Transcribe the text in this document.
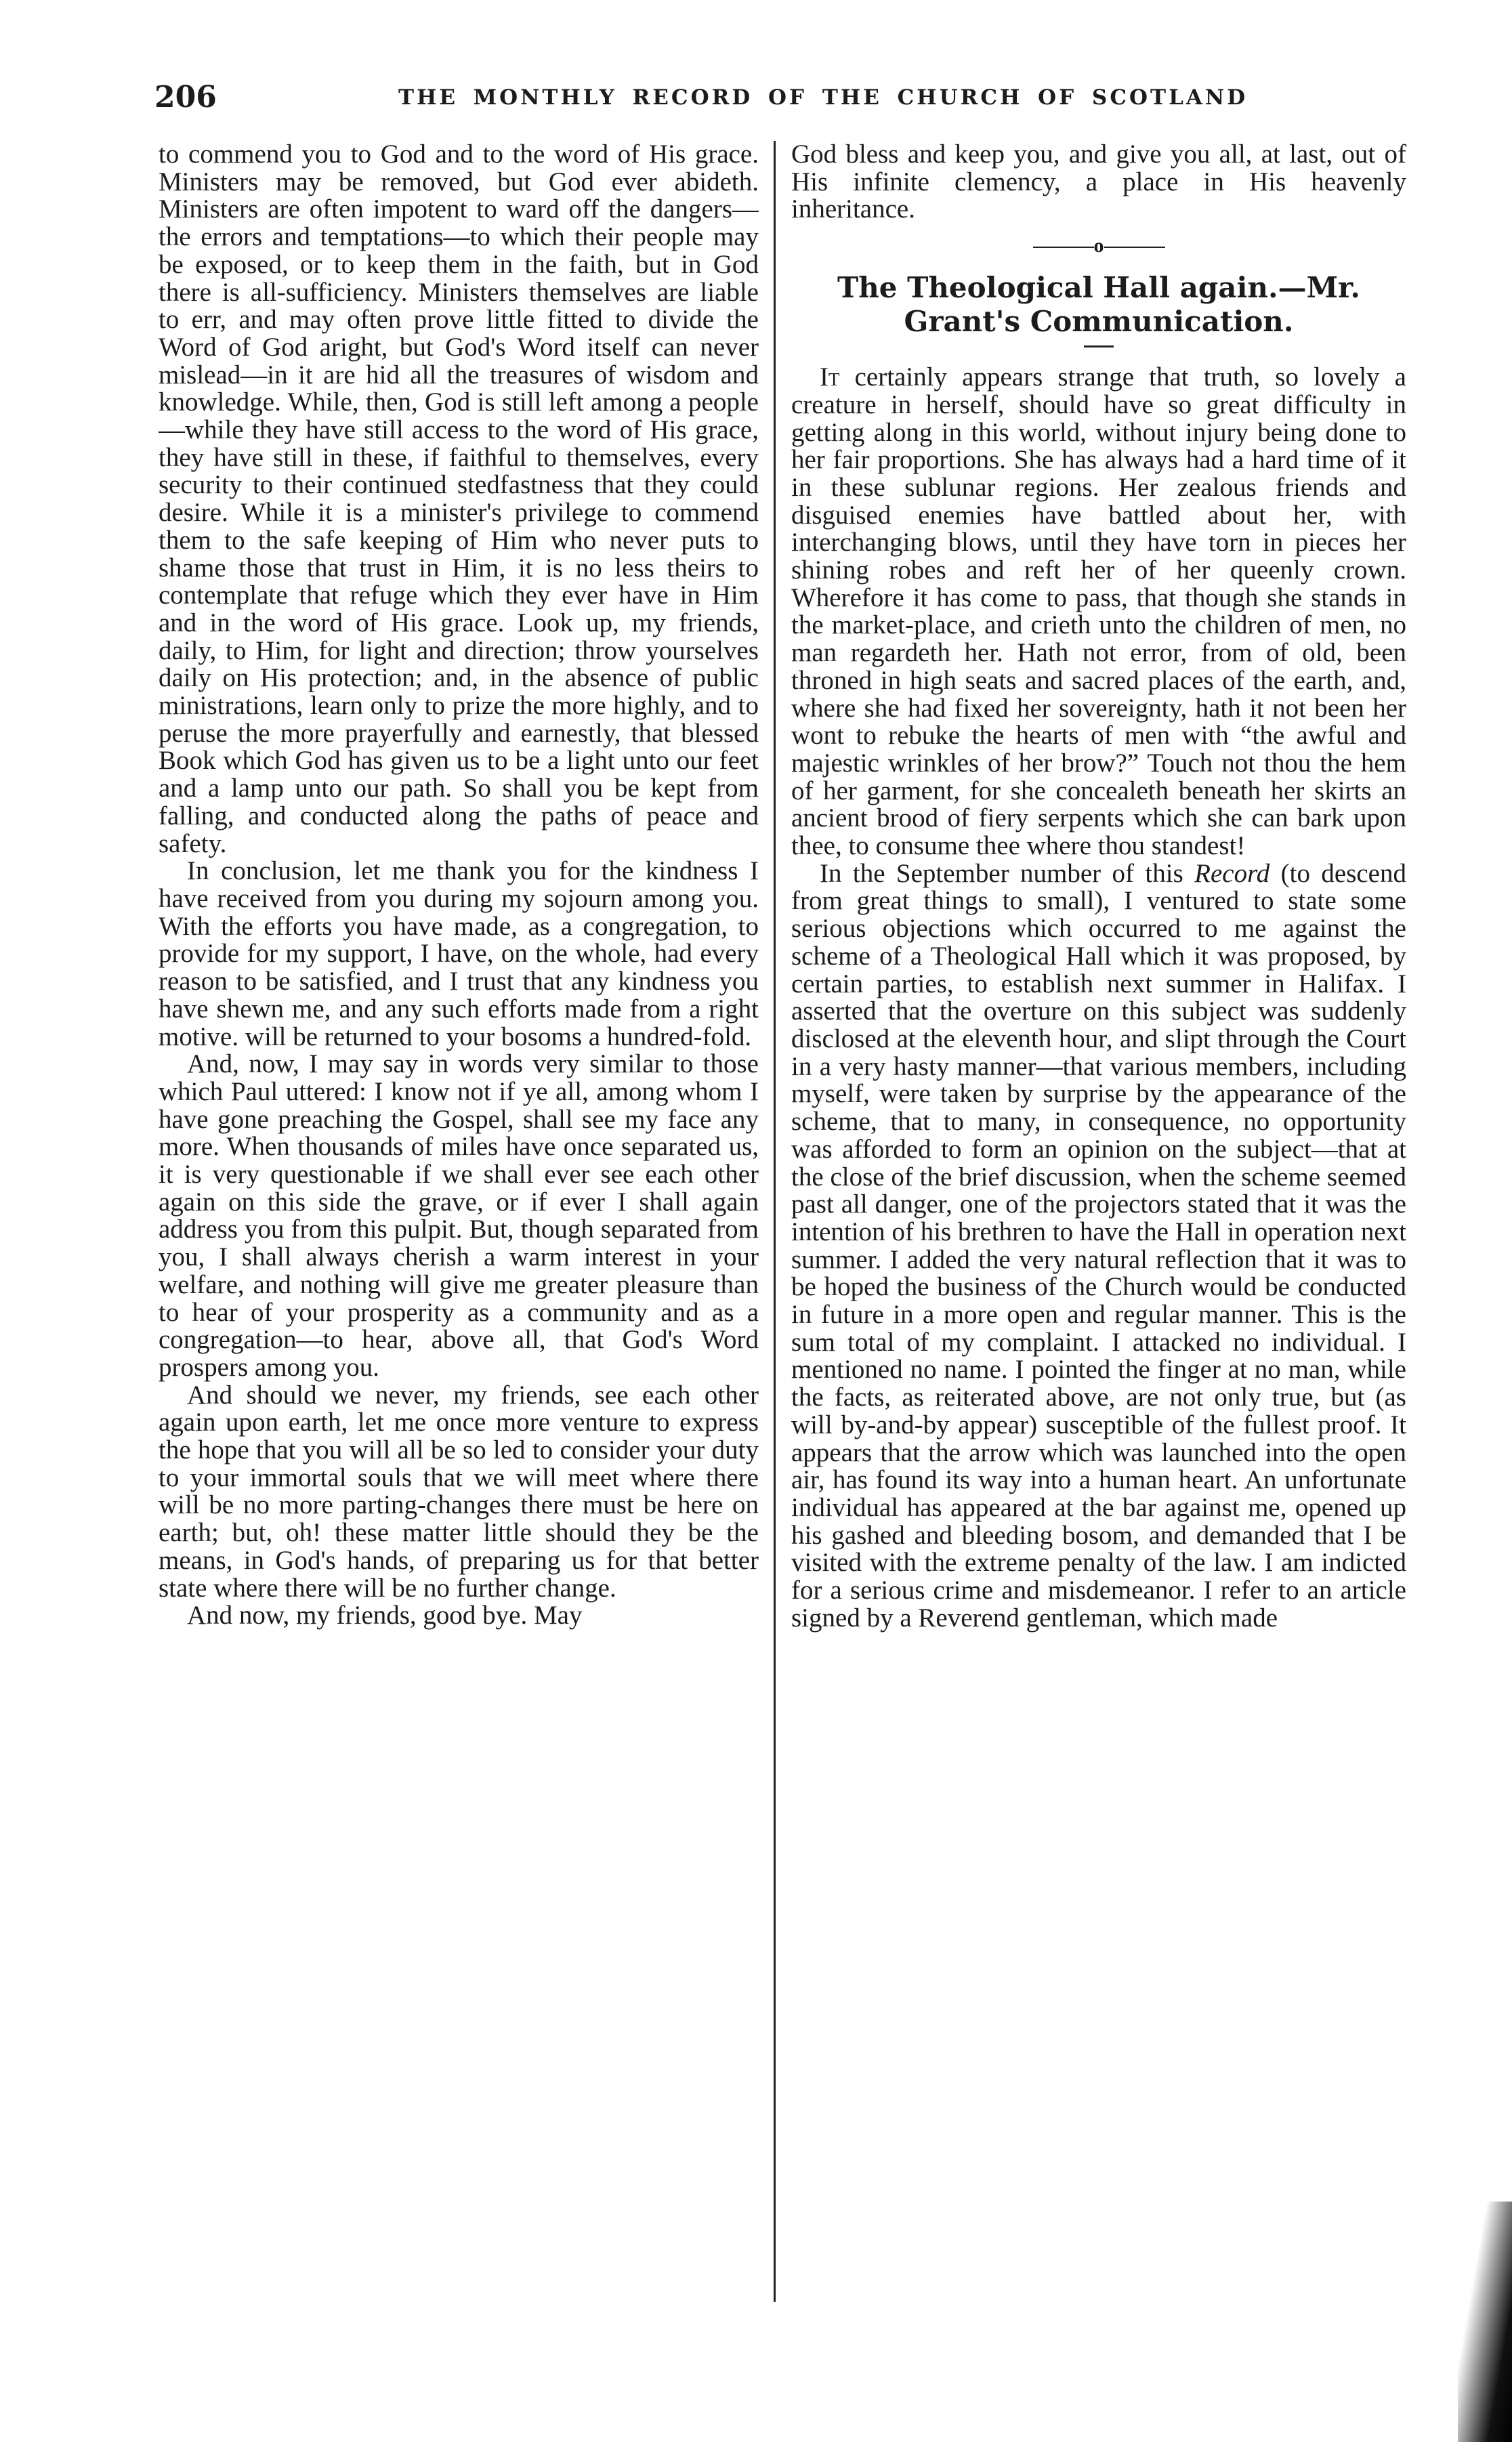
206	THE MONTHLY RECORD OF THE CHURCH OF SCOTLAND

to commend you to God and to the word of His grace. Ministers may be removed, but God ever abideth. Ministers are often impotent to ward off the dangers—the errors and temptations—to which their people may be exposed, or to keep them in the faith, but in God there is all-sufficiency. Ministers themselves are liable to err, and may often prove little fitted to divide the Word of God aright, but God's Word itself can never mislead—in it are hid all the treasures of wisdom and knowledge. While, then, God is still left among a people—while they have still access to the word of His grace, they have still in these, if faithful to themselves, every security to their continued stedfastness that they could desire. While it is a minister's privilege to commend them to the safe keeping of Him who never puts to shame those that trust in Him, it is no less theirs to contemplate that refuge which they ever have in Him and in the word of His grace. Look up, my friends, daily, to Him, for light and direction; throw yourselves daily on His protection; and, in the absence of public ministrations, learn only to prize the more highly, and to peruse the more prayerfully and earnestly, that blessed Book which God has given us to be a light unto our feet and a lamp unto our path. So shall you be kept from falling, and conducted along the paths of peace and safety.

In conclusion, let me thank you for the kindness I have received from you during my sojourn among you. With the efforts you have made, as a congregation, to provide for my support, I have, on the whole, had every reason to be satisfied, and I trust that any kindness you have shewn me, and any such efforts made from a right motive. will be returned to your bosoms a hundred-fold.

And, now, I may say in words very similar to those which Paul uttered: I know not if ye all, among whom I have gone preaching the Gospel, shall see my face any more. When thousands of miles have once separated us, it is very questionable if we shall ever see each other again on this side the grave, or if ever I shall again address you from this pulpit. But, though separated from you, I shall always cherish a warm interest in your welfare, and nothing will give me greater pleasure than to hear of your prosperity as a community and as a congregation—to hear, above all, that God's Word prospers among you.

And should we never, my friends, see each other again upon earth, let me once more venture to express the hope that you will all be so led to consider your duty to your immortal souls that we will meet where there will be no more parting-changes there must be here on earth; but, oh! these matter little should they be the means, in God's hands, of preparing us for that better state where there will be no further change.

And now, my friends, good bye. May

God bless and keep you, and give you all, at last, out of His infinite clemency, a place in His heavenly inheritance.

o
The Theological Hall again.—Mr. Grant's Communication.

It certainly appears strange that truth, so lovely a creature in herself, should have so great difficulty in getting along in this world, without injury being done to her fair proportions. She has always had a hard time of it in these sublunar regions. Her zealous friends and disguised enemies have battled about her, with interchanging blows, until they have torn in pieces her shining robes and reft her of her queenly crown. Wherefore it has come to pass, that though she stands in the market-place, and crieth unto the children of men, no man regardeth her. Hath not error, from of old, been throned in high seats and sacred places of the earth, and, where she had fixed her sovereignty, hath it not been her wont to rebuke the hearts of men with “the awful and majestic wrinkles of her brow?” Touch not thou the hem of her garment, for she concealeth beneath her skirts an ancient brood of fiery serpents which she can bark upon thee, to consume thee where thou standest!

In the September number of this Record (to descend from great things to small), I ventured to state some serious objections which occurred to me against the scheme of a Theological Hall which it was proposed, by certain parties, to establish next summer in Halifax. I asserted that the overture on this subject was suddenly disclosed at the eleventh hour, and slipt through the Court in a very hasty manner—that various members, including myself, were taken by surprise by the appearance of the scheme, that to many, in consequence, no opportunity was afforded to form an opinion on the subject—that at the close of the brief discussion, when the scheme seemed past all danger, one of the projectors stated that it was the intention of his brethren to have the Hall in operation next summer. I added the very natural reflection that it was to be hoped the business of the Church would be conducted in future in a more open and regular manner. This is the sum total of my complaint. I attacked no individual. I mentioned no name. I pointed the finger at no man, while the facts, as reiterated above, are not only true, but (as will by-and-by appear) susceptible of the fullest proof. It appears that the arrow which was launched into the open air, has found its way into a human heart. An unfortunate individual has appeared at the bar against me, opened up his gashed and bleeding bosom, and demanded that I be visited with the extreme penalty of the law. I am indicted for a serious crime and misdemeanor. I refer to an article signed by a Reverend gentleman, which made
